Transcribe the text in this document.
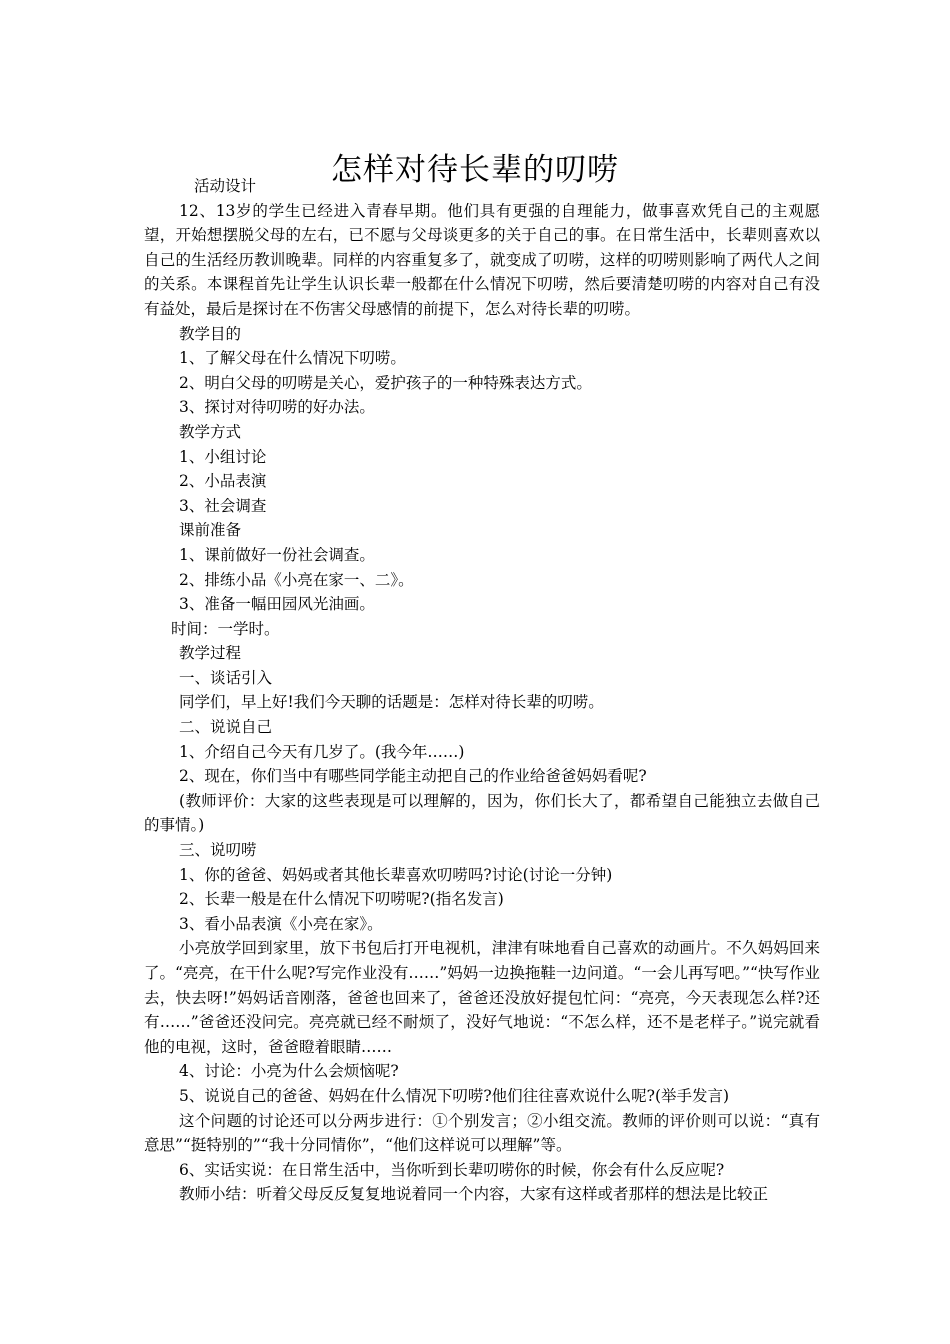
怎样对待长辈的叨唠

活动设计

12、13岁的学生已经进入青春早期。他们具有更强的自理能力，做事喜欢凭自己的主观愿望，开始想摆脱父母的左右，已不愿与父母谈更多的关于自己的事。在日常生活中，长辈则喜欢以自己的生活经历教训晚辈。同样的内容重复多了，就变成了叨唠，这样的叨唠则影响了两代人之间的关系。本课程首先让学生认识长辈一般都在什么情况下叨唠，然后要清楚叨唠的内容对自己有没有益处，最后是探讨在不伤害父母感情的前提下，怎么对待长辈的叨唠。

教学目的

1、了解父母在什么情况下叨唠。

2、明白父母的叨唠是关心，爱护孩子的一种特殊表达方式。

3、探讨对待叨唠的好办法。

教学方式

1、小组讨论

2、小品表演

3、社会调查

课前准备

1、课前做好一份社会调查。

2、排练小品《小亮在家一、二》。

3、准备一幅田园风光油画。

时间：一学时。

教学过程

一、谈话引入

同学们，早上好!我们今天聊的话题是：怎样对待长辈的叨唠。

二、说说自己

1、介绍自己今天有几岁了。(我今年……)

2、现在，你们当中有哪些同学能主动把自己的作业给爸爸妈妈看呢?

(教师评价：大家的这些表现是可以理解的，因为，你们长大了，都希望自己能独立去做自己的事情。)

三、说叨唠

1、你的爸爸、妈妈或者其他长辈喜欢叨唠吗?讨论(讨论一分钟)

2、长辈一般是在什么情况下叨唠呢?(指名发言)

3、看小品表演《小亮在家》。

小亮放学回到家里，放下书包后打开电视机，津津有味地看自己喜欢的动画片。不久妈妈回来了。“亮亮，在干什么呢?写完作业没有……”妈妈一边换拖鞋一边问道。“一会儿再写吧。”“快写作业去，快去呀!”妈妈话音刚落，爸爸也回来了，爸爸还没放好提包忙问：“亮亮，今天表现怎么样?还有……”爸爸还没问完。亮亮就已经不耐烦了，没好气地说：“不怎么样，还不是老样子。”说完就看他的电视，这时，爸爸瞪着眼睛……

4、讨论：小亮为什么会烦恼呢?

5、说说自己的爸爸、妈妈在什么情况下叨唠?他们往往喜欢说什么呢?(举手发言)

这个问题的讨论还可以分两步进行：①个别发言；②小组交流。教师的评价则可以说：“真有意思”“挺特别的”“我十分同情你”，“他们这样说可以理解”等。

6、实话实说：在日常生活中，当你听到长辈叨唠你的时候，你会有什么反应呢?

教师小结：听着父母反反复复地说着同一个内容，大家有这样或者那样的想法是比较正
